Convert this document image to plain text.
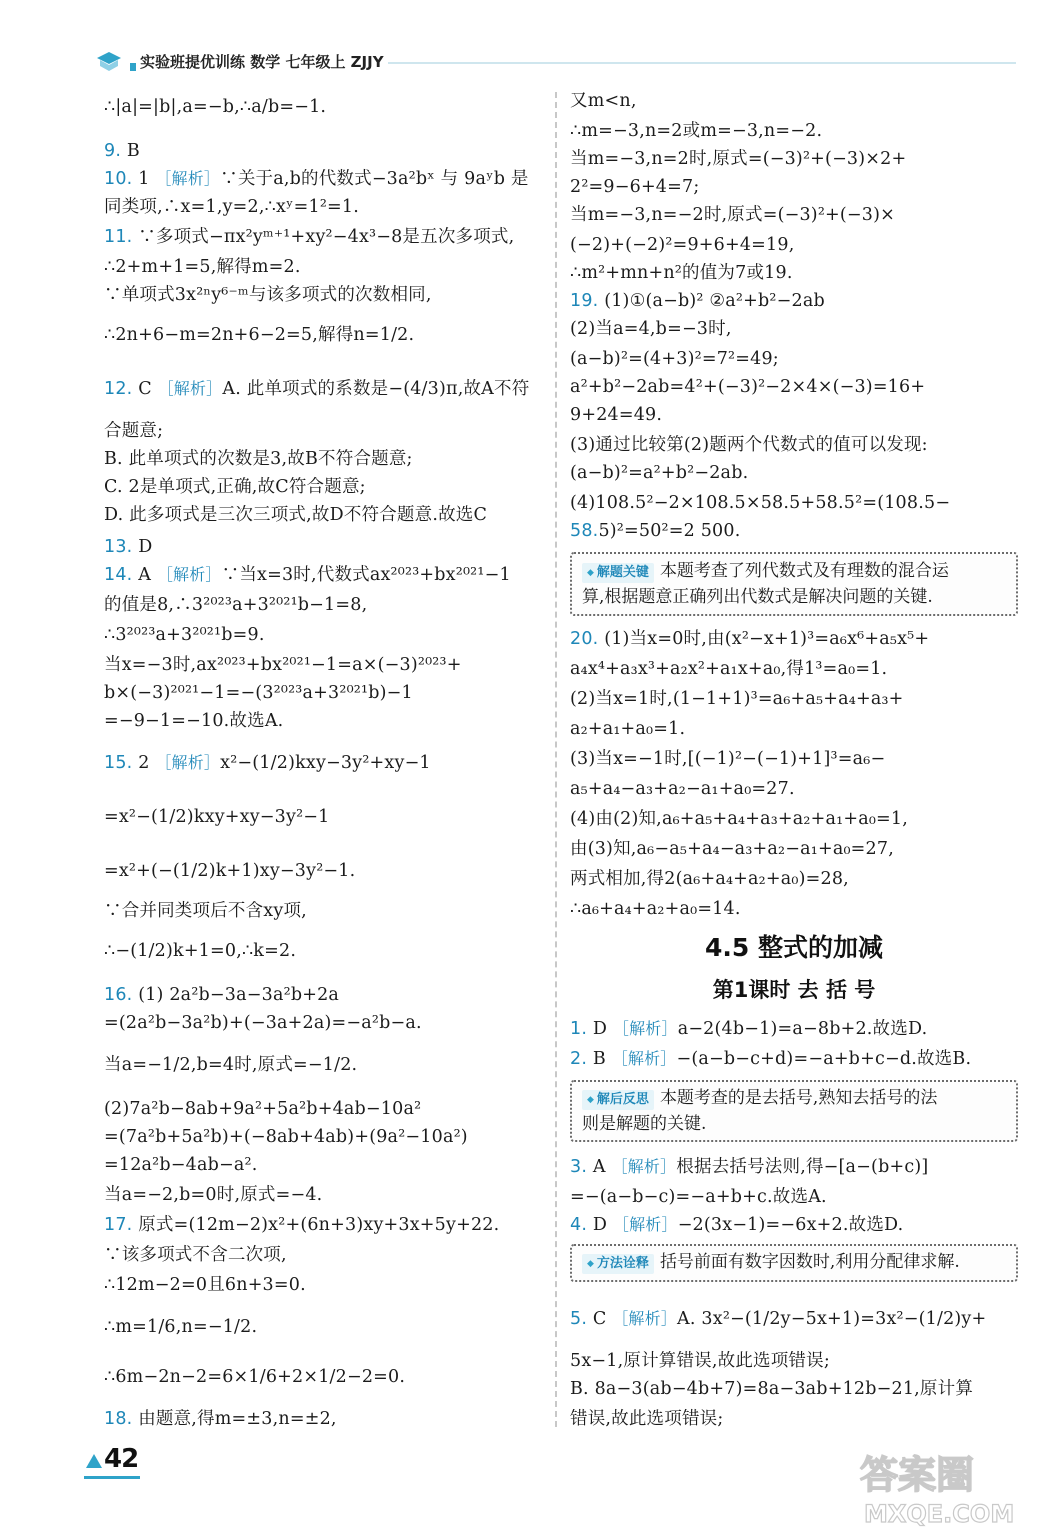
实验班提优训练 数学 七年级上 ZJJY
∴|a|=|b|,a=−b,∴a/b=−1.
9. B
10. 1 ［解析］∵关于a,b的代数式−3a²bˣ 与 9aʸb 是
同类项,∴x=1,y=2,∴xʸ=1²=1.
11. ∵多项式−πx²yᵐ⁺¹+xy²−4x³−8是五次多项式,
∴2+m+1=5,解得m=2.
∵单项式3x²ⁿy⁶⁻ᵐ与该多项式的次数相同,
∴2n+6−m=2n+6−2=5,解得n=1/2.
12. C ［解析］A. 此单项式的系数是−(4/3)π,故A不符
合题意;
B. 此单项式的次数是3,故B不符合题意;
C. 2是单项式,正确,故C符合题意;
D. 此多项式是三次三项式,故D不符合题意.故选C
13. D
14. A ［解析］∵当x=3时,代数式ax²⁰²³+bx²⁰²¹−1
的值是8,∴3²⁰²³a+3²⁰²¹b−1=8,
∴3²⁰²³a+3²⁰²¹b=9.
当x=−3时,ax²⁰²³+bx²⁰²¹−1=a×(−3)²⁰²³+
b×(−3)²⁰²¹−1=−(3²⁰²³a+3²⁰²¹b)−1
=−9−1=−10.故选A.
15. 2 ［解析］x²−(1/2)kxy−3y²+xy−1
=x²−(1/2)kxy+xy−3y²−1
=x²+(−(1/2)k+1)xy−3y²−1.
∵合并同类项后不含xy项,
∴−(1/2)k+1=0,∴k=2.
16. (1) 2a²b−3a−3a²b+2a
=(2a²b−3a²b)+(−3a+2a)=−a²b−a.
当a=−1/2,b=4时,原式=−1/2.
(2)7a²b−8ab+9a²+5a²b+4ab−10a²
=(7a²b+5a²b)+(−8ab+4ab)+(9a²−10a²)
=12a²b−4ab−a².
当a=−2,b=0时,原式=−4.
17. 原式=(12m−2)x²+(6n+3)xy+3x+5y+22.
∵该多项式不含二次项,
∴12m−2=0且6n+3=0.
∴m=1/6,n=−1/2.
∴6m−2n−2=6×1/6+2×1/2−2=0.
18. 由题意,得m=±3,n=±2,
又m<n,
∴m=−3,n=2或m=−3,n=−2.
当m=−3,n=2时,原式=(−3)²+(−3)×2+
2²=9−6+4=7;
当m=−3,n=−2时,原式=(−3)²+(−3)×
(−2)+(−2)²=9+6+4=19,
∴m²+mn+n²的值为7或19.
19. (1)①(a−b)² ②a²+b²−2ab
(2)当a=4,b=−3时,
(a−b)²=(4+3)²=7²=49;
a²+b²−2ab=4²+(−3)²−2×4×(−3)=16+
9+24=49.
(3)通过比较第(2)题两个代数式的值可以发现:
(a−b)²=a²+b²−2ab.
(4)108.5²−2×108.5×58.5+58.5²=(108.5−
58.5)²=50²=2 500.
◆ 解题关键 本题考查了列代数式及有理数的混合运
算,根据题意正确列出代数式是解决问题的关键.
20. (1)当x=0时,由(x²−x+1)³=a₆x⁶+a₅x⁵+
a₄x⁴+a₃x³+a₂x²+a₁x+a₀,得1³=a₀=1.
(2)当x=1时,(1−1+1)³=a₆+a₅+a₄+a₃+
a₂+a₁+a₀=1.
(3)当x=−1时,[(−1)²−(−1)+1]³=a₆−
a₅+a₄−a₃+a₂−a₁+a₀=27.
(4)由(2)知,a₆+a₅+a₄+a₃+a₂+a₁+a₀=1,
由(3)知,a₆−a₅+a₄−a₃+a₂−a₁+a₀=27,
两式相加,得2(a₆+a₄+a₂+a₀)=28,
∴a₆+a₄+a₂+a₀=14.
4.5 整式的加减
第1课时 去 括 号
1. D ［解析］a−2(4b−1)=a−8b+2.故选D.
2. B ［解析］−(a−b−c+d)=−a+b+c−d.故选B.
◆ 解后反思 本题考查的是去括号,熟知去括号的法
则是解题的关键.
3. A ［解析］根据去括号法则,得−[a−(b+c)]
=−(a−b−c)=−a+b+c.故选A.
4. D ［解析］−2(3x−1)=−6x+2.故选D.
◆ 方法诠释 括号前面有数字因数时,利用分配律求解.
5. C ［解析］A. 3x²−(1/2y−5x+1)=3x²−(1/2)y+
5x−1,原计算错误,故此选项错误;
B. 8a−3(ab−4b+7)=8a−3ab+12b−21,原计算
错误,故此选项错误;
42	答案圈
MXQE.COM
